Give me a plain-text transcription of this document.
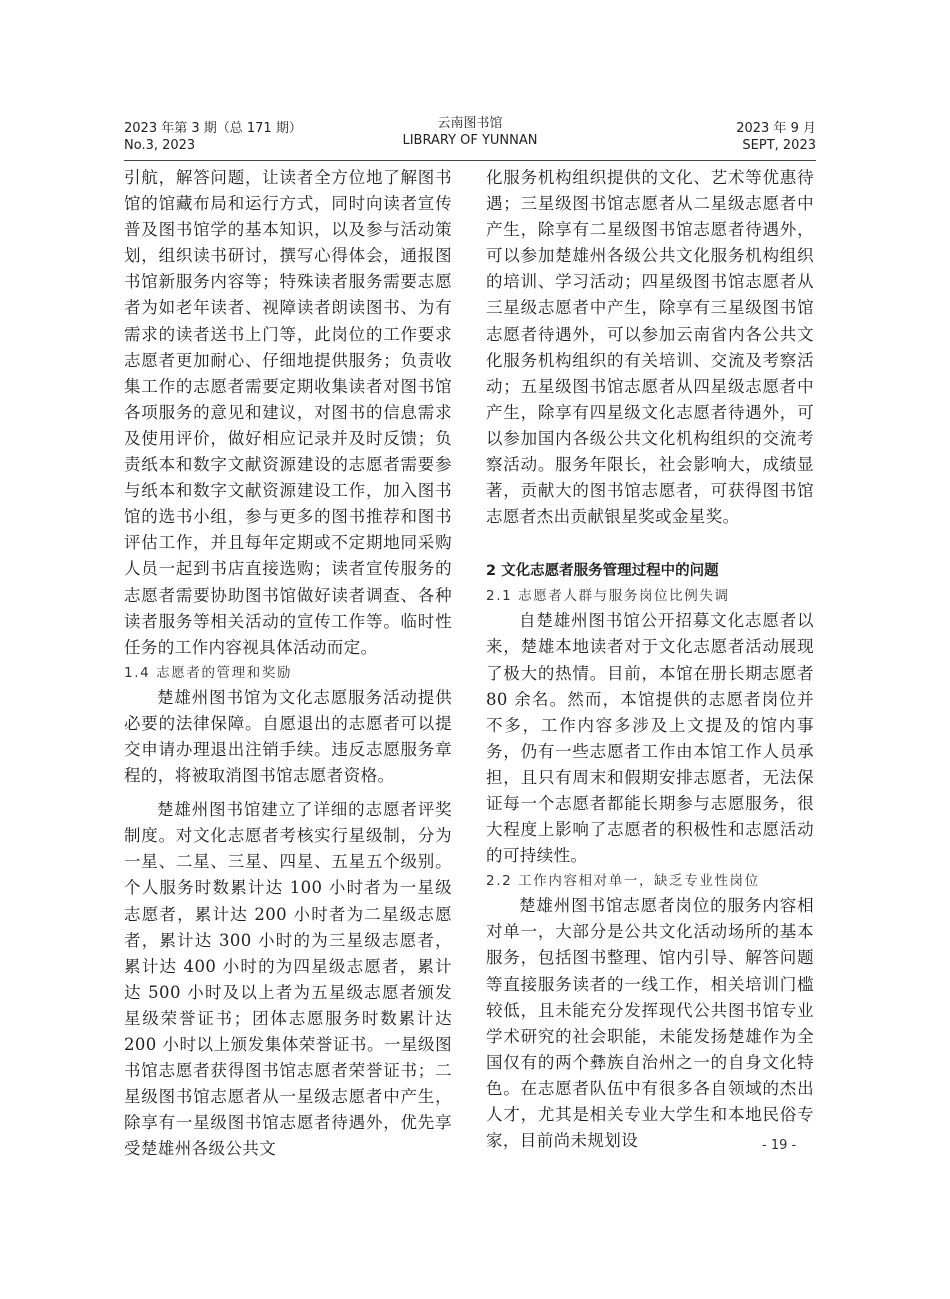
2023 年第 3 期（总 171 期）
No.3, 2023
云南图书馆
LIBRARY OF YUNNAN
2023 年 9 月
SEPT, 2023

引航，解答问题，让读者全方位地了解图书馆的馆藏布局和运行方式，同时向读者宣传普及图书馆学的基本知识，以及参与活动策划，组织读书研讨，撰写心得体会，通报图书馆新服务内容等；特殊读者服务需要志愿者为如老年读者、视障读者朗读图书、为有需求的读者送书上门等，此岗位的工作要求志愿者更加耐心、仔细地提供服务；负责收集工作的志愿者需要定期收集读者对图书馆各项服务的意见和建议，对图书的信息需求及使用评价，做好相应记录并及时反馈；负责纸本和数字文献资源建设的志愿者需要参与纸本和数字文献资源建设工作，加入图书馆的选书小组，参与更多的图书推荐和图书评估工作，并且每年定期或不定期地同采购人员一起到书店直接选购；读者宣传服务的志愿者需要协助图书馆做好读者调查、各种读者服务等相关活动的宣传工作等。临时性任务的工作内容视具体活动而定。

1.4 志愿者的管理和奖励

楚雄州图书馆为文化志愿服务活动提供必要的法律保障。自愿退出的志愿者可以提交申请办理退出注销手续。违反志愿服务章程的，将被取消图书馆志愿者资格。

楚雄州图书馆建立了详细的志愿者评奖制度。对文化志愿者考核实行星级制，分为一星、二星、三星、四星、五星五个级别。个人服务时数累计达 100 小时者为一星级志愿者，累计达 200 小时者为二星级志愿者，累计达 300 小时的为三星级志愿者，累计达 400 小时的为四星级志愿者，累计达 500 小时及以上者为五星级志愿者颁发星级荣誉证书；团体志愿服务时数累计达 200 小时以上颁发集体荣誉证书。一星级图书馆志愿者获得图书馆志愿者荣誉证书；二星级图书馆志愿者从一星级志愿者中产生，除享有一星级图书馆志愿者待遇外，优先享受楚雄州各级公共文

化服务机构组织提供的文化、艺术等优惠待遇；三星级图书馆志愿者从二星级志愿者中产生，除享有二星级图书馆志愿者待遇外，可以参加楚雄州各级公共文化服务机构组织的培训、学习活动；四星级图书馆志愿者从三星级志愿者中产生，除享有三星级图书馆志愿者待遇外，可以参加云南省内各公共文化服务机构组织的有关培训、交流及考察活动；五星级图书馆志愿者从四星级志愿者中产生，除享有四星级文化志愿者待遇外，可以参加国内各级公共文化机构组织的交流考察活动。服务年限长，社会影响大，成绩显著，贡献大的图书馆志愿者，可获得图书馆志愿者杰出贡献银星奖或金星奖。

2 文化志愿者服务管理过程中的问题
2.1 志愿者人群与服务岗位比例失调

自楚雄州图书馆公开招募文化志愿者以来，楚雄本地读者对于文化志愿者活动展现了极大的热情。目前，本馆在册长期志愿者 80 余名。然而，本馆提供的志愿者岗位并不多，工作内容多涉及上文提及的馆内事务，仍有一些志愿者工作由本馆工作人员承担，且只有周末和假期安排志愿者，无法保证每一个志愿者都能长期参与志愿服务，很大程度上影响了志愿者的积极性和志愿活动的可持续性。

2.2 工作内容相对单一，缺乏专业性岗位

楚雄州图书馆志愿者岗位的服务内容相对单一，大部分是公共文化活动场所的基本服务，包括图书整理、馆内引导、解答问题等直接服务读者的一线工作，相关培训门槛较低，且未能充分发挥现代公共图书馆专业学术研究的社会职能，未能发扬楚雄作为全国仅有的两个彝族自治州之一的自身文化特色。在志愿者队伍中有很多各自领域的杰出人才，尤其是相关专业大学生和本地民俗专家，目前尚未规划设	- 19 -
